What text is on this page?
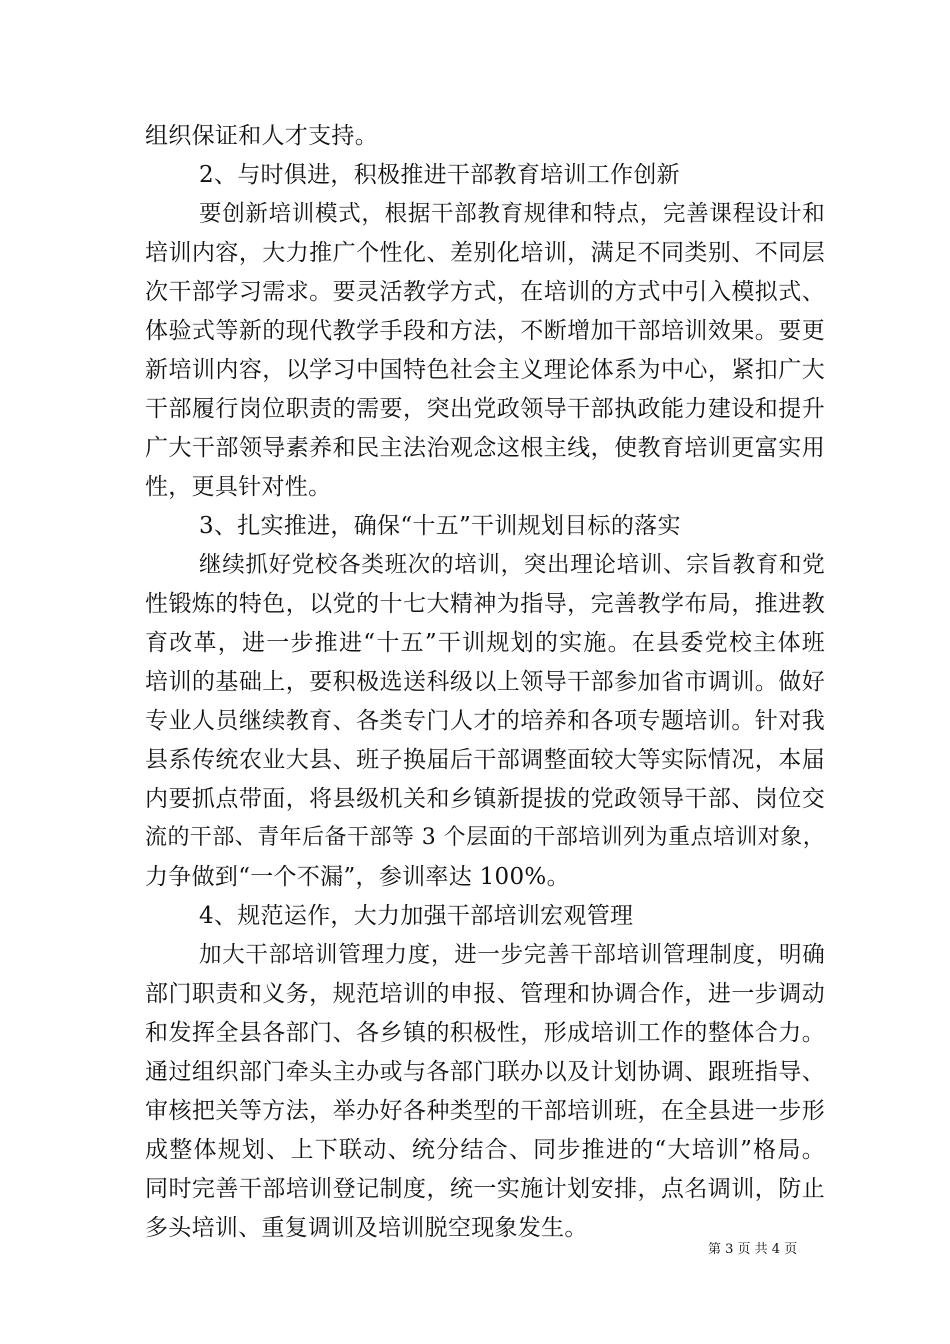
组织保证和人才支持。
2、与时俱进，积极推进干部教育培训工作创新
要创新培训模式，根据干部教育规律和特点，完善课程设计和
培训内容，大力推广个性化、差别化培训，满足不同类别、不同层
次干部学习需求。要灵活教学方式，在培训的方式中引入模拟式、
体验式等新的现代教学手段和方法，不断增加干部培训效果。要更
新培训内容，以学习中国特色社会主义理论体系为中心，紧扣广大
干部履行岗位职责的需要，突出党政领导干部执政能力建设和提升
广大干部领导素养和民主法治观念这根主线，使教育培训更富实用
性，更具针对性。
3、扎实推进，确保“十五”干训规划目标的落实
继续抓好党校各类班次的培训，突出理论培训、宗旨教育和党
性锻炼的特色，以党的十七大精神为指导，完善教学布局，推进教
育改革，进一步推进“十五”干训规划的实施。在县委党校主体班
培训的基础上，要积极选送科级以上领导干部参加省市调训。做好
专业人员继续教育、各类专门人才的培养和各项专题培训。针对我
县系传统农业大县、班子换届后干部调整面较大等实际情况，本届
内要抓点带面，将县级机关和乡镇新提拔的党政领导干部、岗位交
流的干部、青年后备干部等 3 个层面的干部培训列为重点培训对象，
力争做到“一个不漏”，参训率达 100%。
4、规范运作，大力加强干部培训宏观管理
加大干部培训管理力度，进一步完善干部培训管理制度，明确
部门职责和义务，规范培训的申报、管理和协调合作，进一步调动
和发挥全县各部门、各乡镇的积极性，形成培训工作的整体合力。
通过组织部门牵头主办或与各部门联办以及计划协调、跟班指导、
审核把关等方法，举办好各种类型的干部培训班，在全县进一步形
成整体规划、上下联动、统分结合、同步推进的“大培训”格局。
同时完善干部培训登记制度，统一实施计划安排，点名调训，防止
多头培训、重复调训及培训脱空现象发生。
第 3 页 共 4 页
